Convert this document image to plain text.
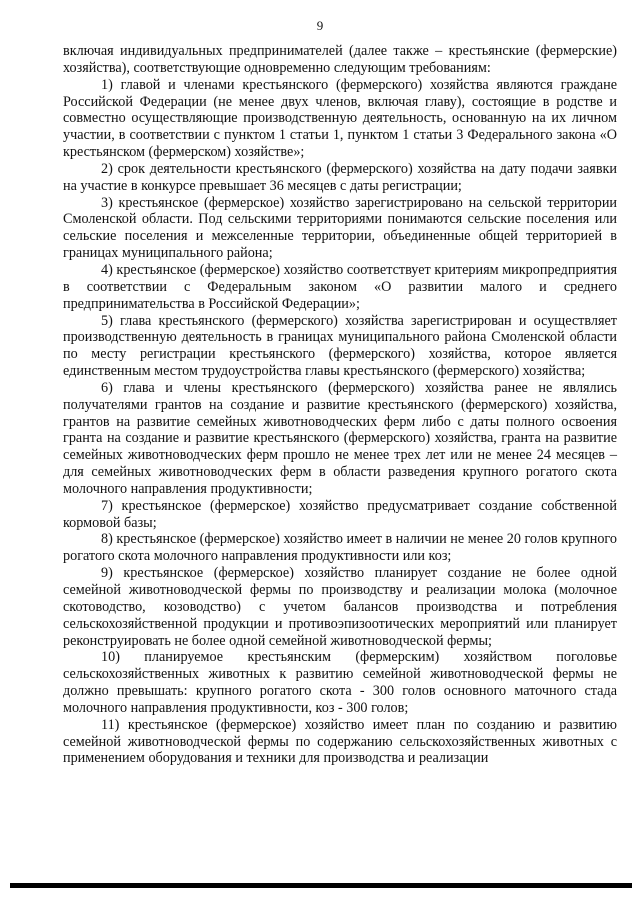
9

включая индивидуальных предпринимателей (далее также – крестьянские (фермерские) хозяйства), соответствующие одновременно следующим требованиям:

1) главой и членами крестьянского (фермерского) хозяйства являются граждане Российской Федерации (не менее двух членов, включая главу), состоящие в родстве и совместно осуществляющие производственную деятельность, основанную на их личном участии, в соответствии с пунктом 1 статьи 1, пунктом 1 статьи 3 Федерального закона «О крестьянском (фермерском) хозяйстве»;

2) срок деятельности крестьянского (фермерского) хозяйства на дату подачи заявки на участие в конкурсе превышает 36 месяцев с даты регистрации;

3) крестьянское (фермерское) хозяйство зарегистрировано на сельской территории Смоленской области. Под сельскими территориями понимаются сельские поселения или сельские поселения и межселенные территории, объединенные общей территорией в границах муниципального района;

4) крестьянское (фермерское) хозяйство соответствует критериям микропредприятия в соответствии с Федеральным законом «О развитии малого и среднего предпринимательства в Российской Федерации»;

5) глава крестьянского (фермерского) хозяйства зарегистрирован и осуществляет производственную деятельность в границах муниципального района Смоленской области по месту регистрации крестьянского (фермерского) хозяйства, которое является единственным местом трудоустройства главы крестьянского (фермерского) хозяйства;

6) глава и члены крестьянского (фермерского) хозяйства ранее не являлись получателями грантов на создание и развитие крестьянского (фермерского) хозяйства, грантов на развитие семейных животноводческих ферм либо с даты полного освоения гранта на создание и развитие крестьянского (фермерского) хозяйства, гранта на развитие семейных животноводческих ферм прошло не менее трех лет или не менее 24 месяцев – для семейных животноводческих ферм в области разведения крупного рогатого скота молочного направления продуктивности;

7) крестьянское (фермерское) хозяйство предусматривает создание собственной кормовой базы;

8) крестьянское (фермерское) хозяйство имеет в наличии не менее 20 голов крупного рогатого скота молочного направления продуктивности или коз;

9) крестьянское (фермерское) хозяйство планирует создание не более одной семейной животноводческой фермы по производству и реализации молока (молочное скотоводство, козоводство) с учетом балансов производства и потребления сельскохозяйственной продукции и противоэпизоотических мероприятий или планирует реконструировать не более одной семейной животноводческой фермы;

10) планируемое крестьянским (фермерским) хозяйством поголовье сельскохозяйственных животных к развитию семейной животноводческой фермы не должно превышать: крупного рогатого скота - 300 голов основного маточного стада молочного направления продуктивности, коз - 300 голов;

11) крестьянское (фермерское) хозяйство имеет план по созданию и развитию семейной животноводческой фермы по содержанию сельскохозяйственных животных с применением оборудования и техники для производства и реализации
